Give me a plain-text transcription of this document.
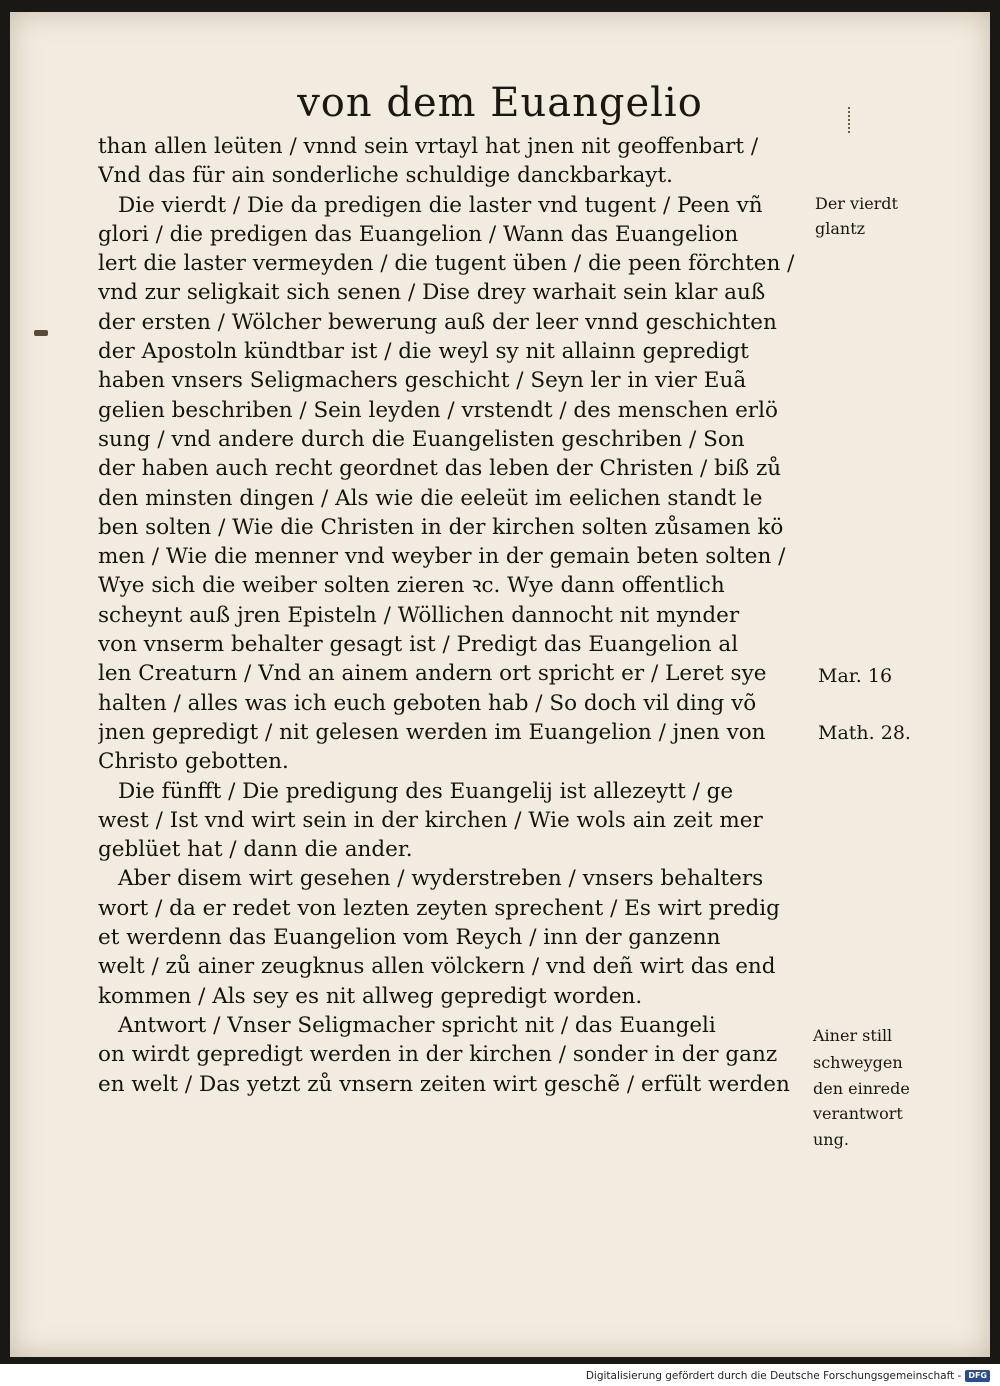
von dem Euangelio
than allen leüten / vnnd sein vrtayl hat jnen nit geoffenbart /
Vnd das für ain sonderliche schuldige danckbarkayt.
Die vierdt / Die da predigen die laster vnd tugent / Peen vñ
glori / die predigen das Euangelion / Wann das Euangelion
lert die laster vermeyden / die tugent üben / die peen förchten /
vnd zur seligkait sich senen / Dise drey warhait sein klar auß
der ersten / Wölcher bewerung auß der leer vnnd geschichten
der Apostoln kündtbar ist / die weyl sy nit allainn gepredigt
haben vnsers Seligmachers geschicht / Seyn ler in vier Euã
gelien beschriben / Sein leyden / vrstendt / des menschen erlö
sung / vnd andere durch die Euangelisten geschriben / Son
der haben auch recht geordnet das leben der Christen / biß zů
den minsten dingen / Als wie die eeleüt im eelichen standt le
ben solten / Wie die Christen in der kirchen solten zůsamen kö
men / Wie die menner vnd weyber in der gemain beten solten /
Wye sich die weiber solten zieren ꝛc. Wye dann offentlich
scheynt auß jren Episteln / Wöllichen dannocht nit mynder
von vnserm behalter gesagt ist / Predigt das Euangelion al
len Creaturn / Vnd an ainem andern ort spricht er / Leret sye
halten / alles was ich euch geboten hab / So doch vil ding võ
jnen gepredigt / nit gelesen werden im Euangelion / jnen von
Christo gebotten.
Die fünfft / Die predigung des Euangelij ist allezeytt / ge
west / Ist vnd wirt sein in der kirchen / Wie wols ain zeit mer
geblüet hat / dann die ander.
Aber disem wirt gesehen / wyderstreben / vnsers behalters
wort / da er redet von lezten zeyten sprechent / Es wirt predig
et werdenn das Euangelion vom Reych / inn der ganzenn
welt / zů ainer zeugknus allen völckern / vnd deñ wirt das end
kommen / Als sey es nit allweg gepredigt worden.
Antwort / Vnser Seligmacher spricht nit / das Euangeli
on wirdt gepredigt werden in der kirchen / sonder in der ganz
en welt / Das yetzt zů vnsern zeiten wirt geschẽ / erfült werden
Der vierdt
glantz
Mar. 16
Math. 28.
Ainer still
schweygen
den einrede
verantwort
ung.
Digitalisierung gefördert durch die Deutsche Forschungsgemeinschaft - DFG
